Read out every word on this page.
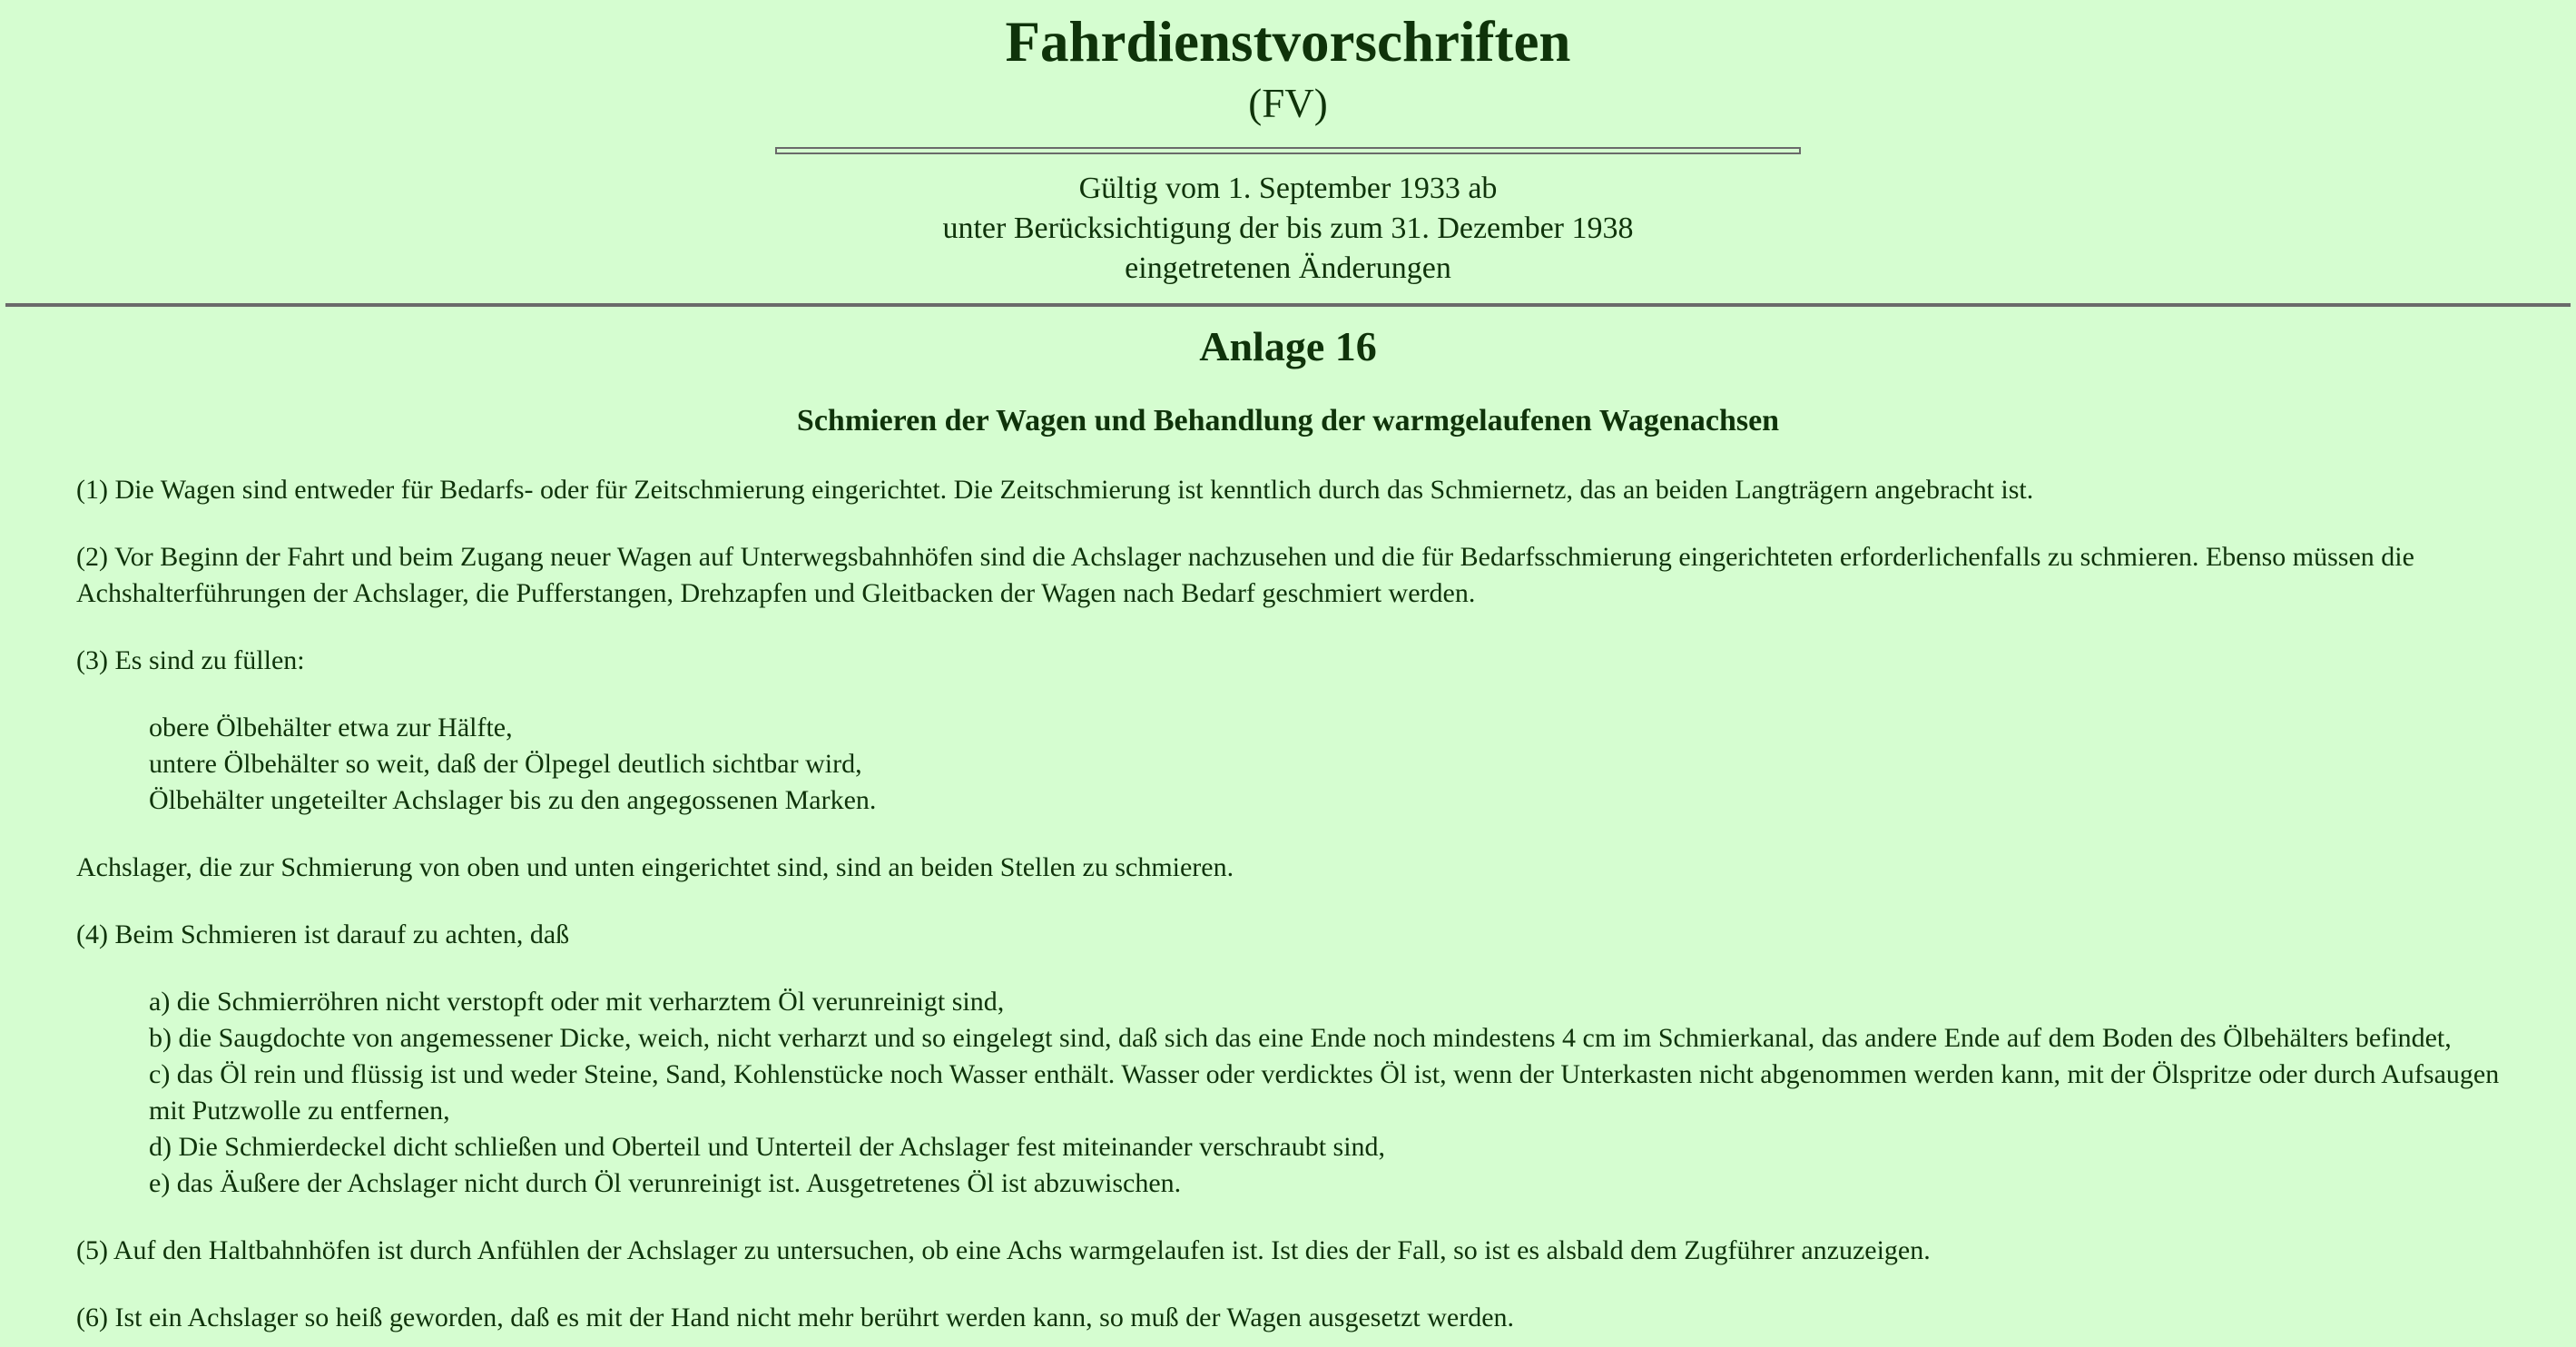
Fahrdienstvorschriften
(FV)
Gültig vom 1. September 1933 ab
unter Berücksichtigung der bis zum 31. Dezember 1938
eingetretenen Änderungen
Anlage 16
Schmieren der Wagen und Behandlung der warmgelaufenen Wagenachsen

(1) Die Wagen sind entweder für Bedarfs- oder für Zeitschmierung eingerichtet. Die Zeitschmierung ist kenntlich durch das Schmiernetz, das an beiden Langträgern angebracht ist.

(2) Vor Beginn der Fahrt und beim Zugang neuer Wagen auf Unterwegsbahnhöfen sind die Achslager nachzusehen und die für Bedarfsschmierung eingerichteten erforderlichenfalls zu schmieren. Ebenso müssen die Achshalterführungen der Achslager, die Pufferstangen, Drehzapfen und Gleitbacken der Wagen nach Bedarf geschmiert werden.

(3) Es sind zu füllen:

obere Ölbehälter etwa zur Hälfte,
untere Ölbehälter so weit, daß der Ölpegel deutlich sichtbar wird,
Ölbehälter ungeteilter Achslager bis zu den angegossenen Marken.

Achslager, die zur Schmierung von oben und unten eingerichtet sind, sind an beiden Stellen zu schmieren.

(4) Beim Schmieren ist darauf zu achten, daß

a) die Schmierröhren nicht verstopft oder mit verharztem Öl verunreinigt sind,
b) die Saugdochte von angemessener Dicke, weich, nicht verharzt und so eingelegt sind, daß sich das eine Ende noch mindestens 4 cm im Schmierkanal, das andere Ende auf dem Boden des Ölbehälters befindet,
c) das Öl rein und flüssig ist und weder Steine, Sand, Kohlenstücke noch Wasser enthält. Wasser oder verdicktes Öl ist, wenn der Unterkasten nicht abgenommen werden kann, mit der Ölspritze oder durch Aufsaugen mit Putzwolle zu entfernen,
d) Die Schmierdeckel dicht schließen und Oberteil und Unterteil der Achslager fest miteinander verschraubt sind,
e) das Äußere der Achslager nicht durch Öl verunreinigt ist. Ausgetretenes Öl ist abzuwischen.

(5) Auf den Haltbahnhöfen ist durch Anfühlen der Achslager zu untersuchen, ob eine Achs warmgelaufen ist. Ist dies der Fall, so ist es alsbald dem Zugführer anzuzeigen.

(6) Ist ein Achslager so heiß geworden, daß es mit der Hand nicht mehr berührt werden kann, so muß der Wagen ausgesetzt werden.
